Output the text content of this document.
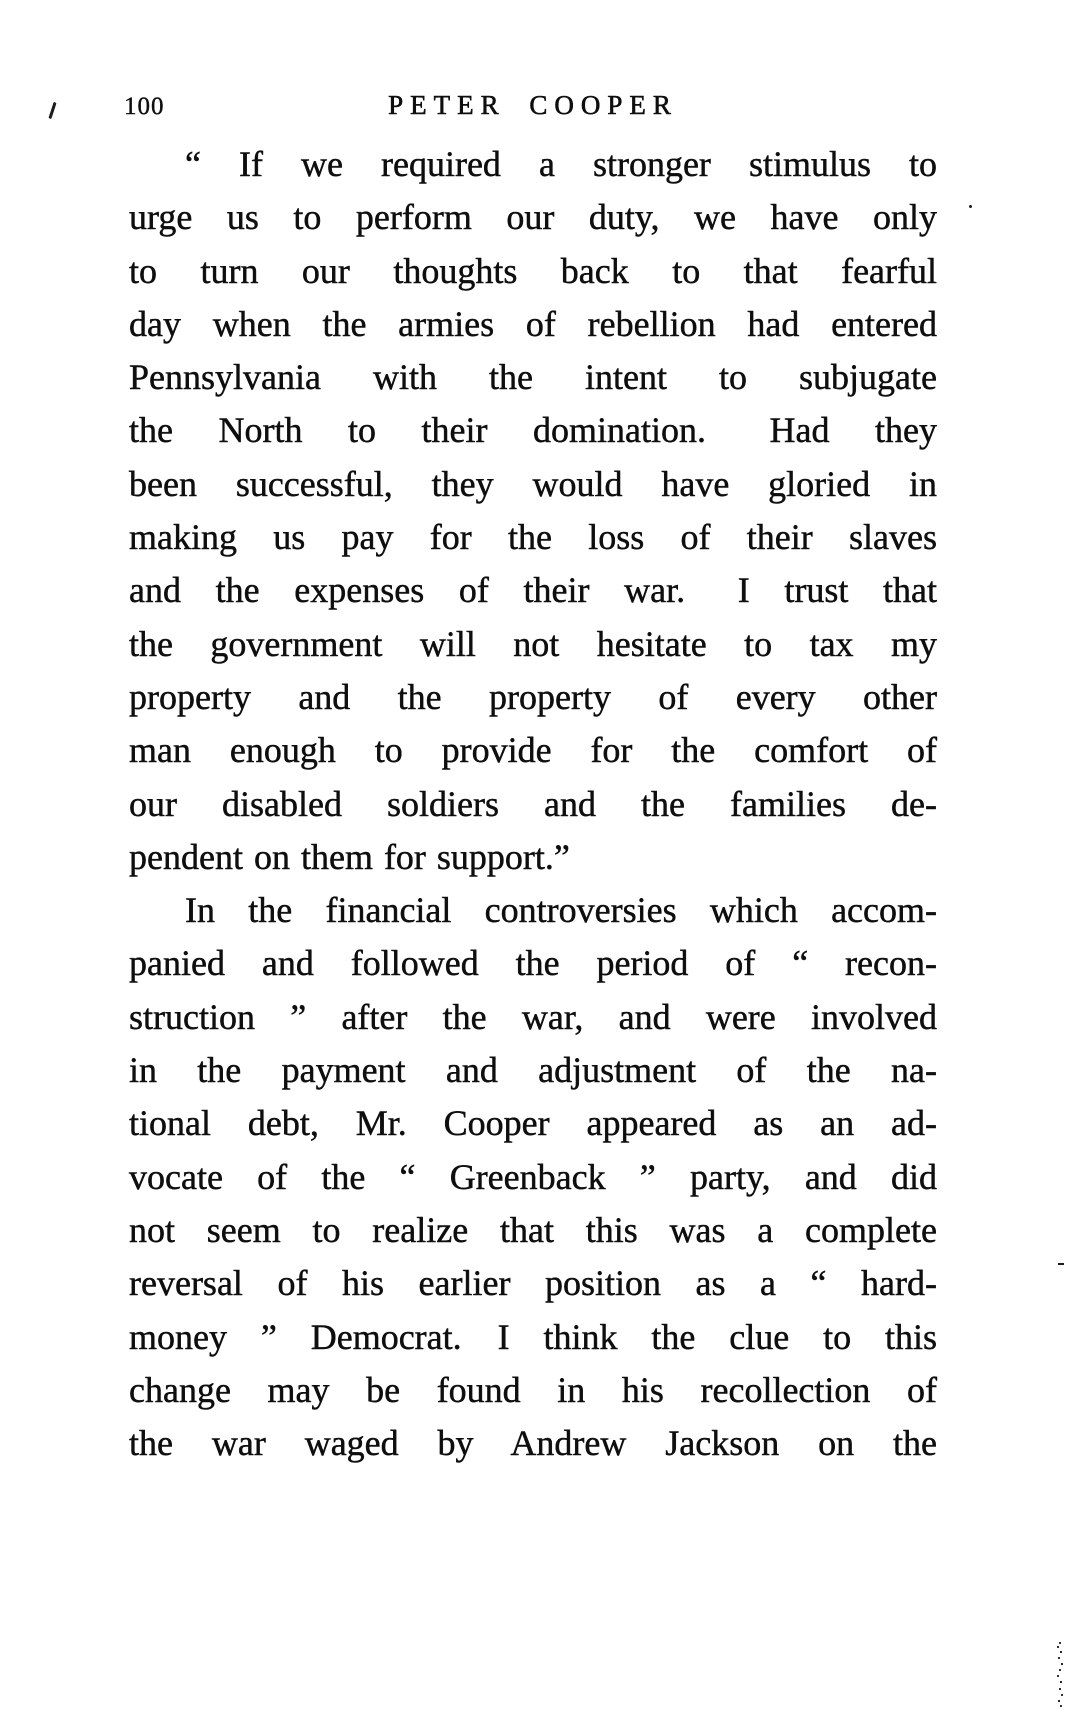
100	PETER COOPER
“ If we required a stronger stimulus to
urge us to perform our duty, we have only
to turn our thoughts back to that fearful
day when the armies of rebellion had entered
Pennsylvania with the intent to subjugate
the North to their domination.  Had they
been successful, they would have gloried in
making us pay for the loss of their slaves
and the expenses of their war.  I trust that
the government will not hesitate to tax my
property and the property of every other
man enough to provide for the comfort of
our disabled soldiers and the families de-
pendent on them for support.”
In the financial controversies which accom-
panied and followed the period of “ recon-
struction ” after the war, and were involved
in the payment and adjustment of the na-
tional debt, Mr. Cooper appeared as an ad-
vocate of the “ Greenback ” party, and did
not seem to realize that this was a complete
reversal of his earlier position as a “ hard-
money ” Democrat.  I think the clue to this
change may be found in his recollection of
the war waged by Andrew Jackson on the
